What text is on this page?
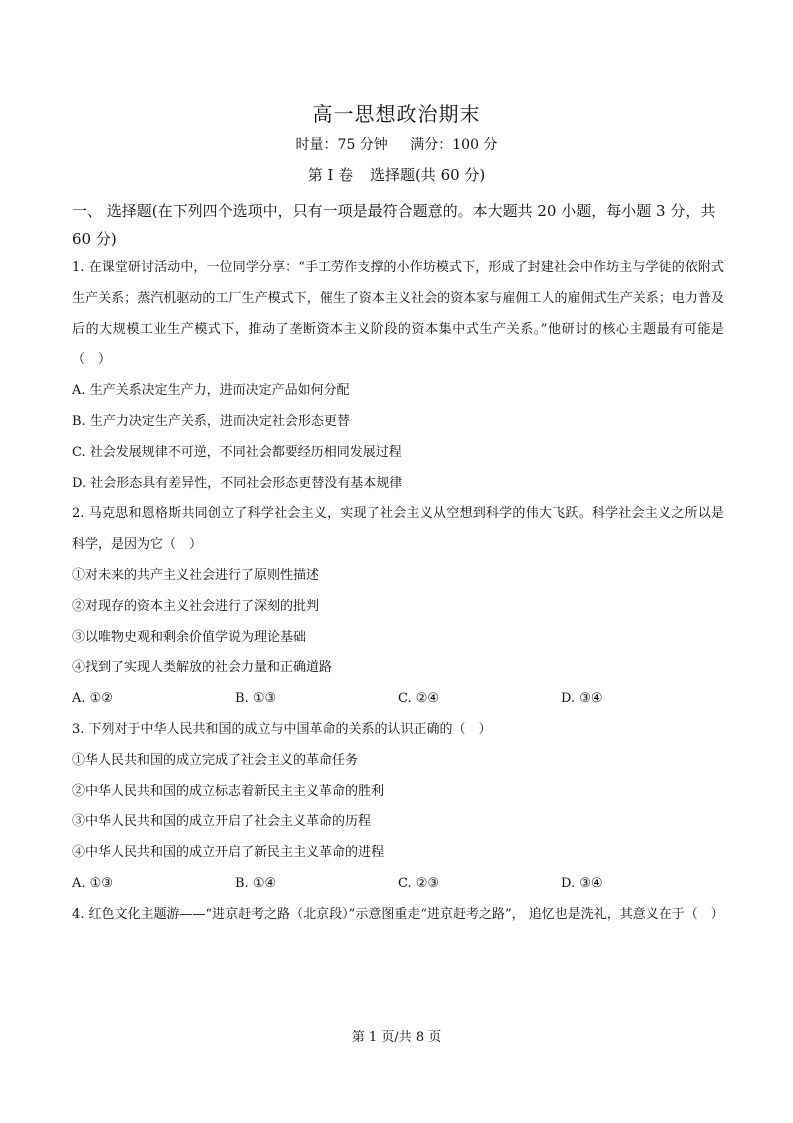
高一思想政治期末
时量：75 分钟 满分：100 分
第 I 卷 选择题(共 60 分)

一、 选择题(在下列四个选项中，只有一项是最符合题意的。本大题共 20 小题，每小题 3 分，共 60 分)

1. 在课堂研讨活动中，一位同学分享：“手工劳作支撑的小作坊模式下，形成了封建社会中作坊主与学徒的依附式生产关系；蒸汽机驱动的工厂生产模式下，催生了资本主义社会的资本家与雇佣工人的雇佣式生产关系；电力普及后的大规模工业生产模式下，推动了垄断资本主义阶段的资本集中式生产关系。”他研讨的核心主题最有可能是（　）

A. 生产关系决定生产力，进而决定产品如何分配

B. 生产力决定生产关系，进而决定社会形态更替

C. 社会发展规律不可逆，不同社会都要经历相同发展过程

D. 社会形态具有差异性，不同社会形态更替没有基本规律

2. 马克思和恩格斯共同创立了科学社会主义，实现了社会主义从空想到科学的伟大飞跃。科学社会主义之所以是科学，是因为它（　）

①对未来的共产主义社会进行了原则性描述

②对现存的资本主义社会进行了深刻的批判

③以唯物史观和剩余价值学说为理论基础

④找到了实现人类解放的社会力量和正确道路

A. ①②	B. ①③	C. ②④	D. ③④

3. 下列对于中华人民共和国的成立与中国革命的关系的认识正确的（　）

①华人民共和国的成立完成了社会主义的革命任务

②中华人民共和国的成立标志着新民主主义革命的胜利

③中华人民共和国的成立开启了社会主义革命的历程

④中华人民共和国的成立开启了新民主主义革命的进程

A. ①③	B. ①④	C. ②③	D. ③④

4. 红色文化主题游——“进京赶考之路（北京段）”示意图重走“进京赶考之路”， 追忆也是洗礼，其意义在于（　）

第 1 页/共 8 页
